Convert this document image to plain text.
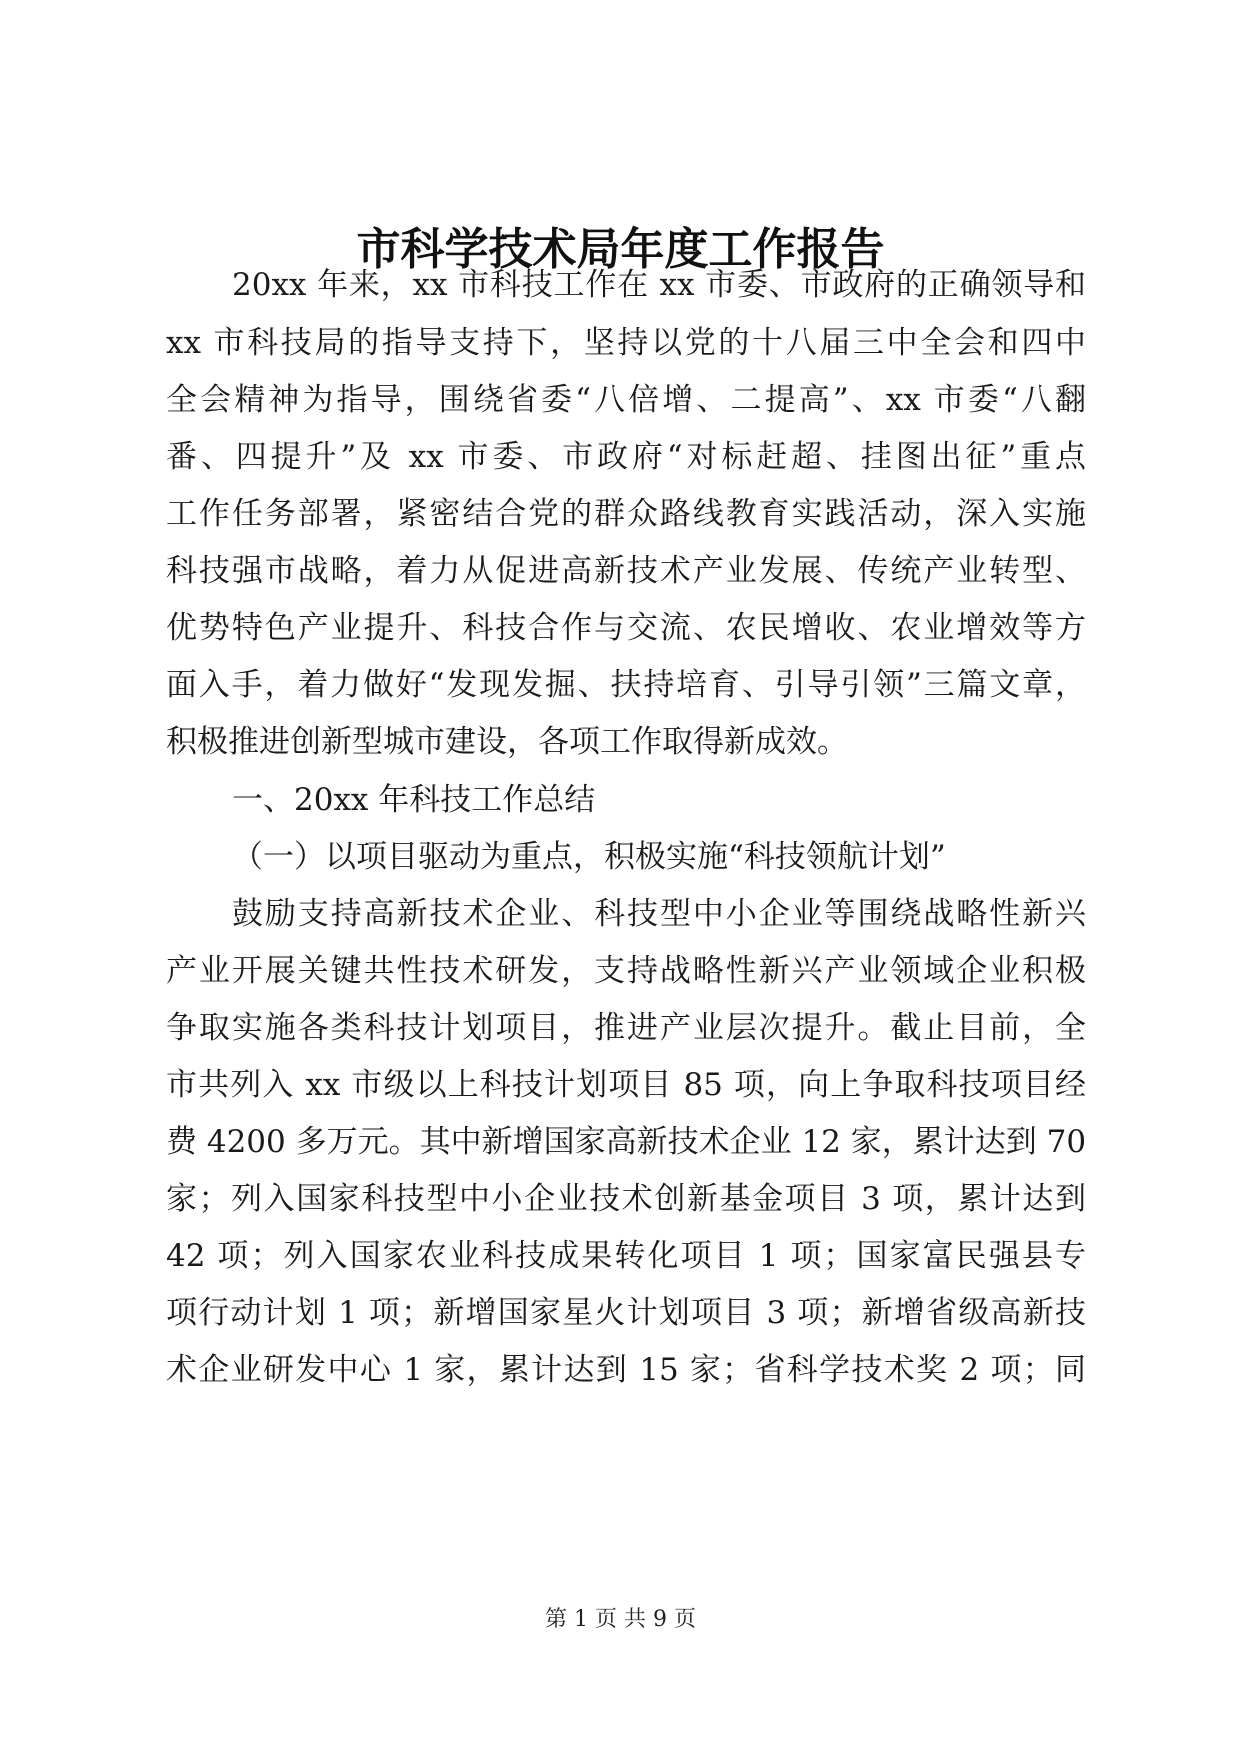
市科学技术局年度工作报告

20xx 年来，xx 市科技工作在 xx 市委、市政府的正确领导和

xx 市科技局的指导支持下，坚持以党的十八届三中全会和四中

全会精神为指导，围绕省委“八倍增、二提高”、xx 市委“八翻

番、四提升”及 xx 市委、市政府“对标赶超、挂图出征”重点

工作任务部署，紧密结合党的群众路线教育实践活动，深入实施

科技强市战略，着力从促进高新技术产业发展、传统产业转型、

优势特色产业提升、科技合作与交流、农民增收、农业增效等方

面入手，着力做好“发现发掘、扶持培育、引导引领”三篇文章，

积极推进创新型城市建设，各项工作取得新成效。

一、20xx 年科技工作总结

（一）以项目驱动为重点，积极实施“科技领航计划”

鼓励支持高新技术企业、科技型中小企业等围绕战略性新兴

产业开展关键共性技术研发，支持战略性新兴产业领域企业积极

争取实施各类科技计划项目，推进产业层次提升。截止目前，全

市共列入 xx 市级以上科技计划项目 85 项，向上争取科技项目经

费 4200 多万元。其中新增国家高新技术企业 12 家，累计达到 70

家；列入国家科技型中小企业技术创新基金项目 3 项，累计达到

42 项；列入国家农业科技成果转化项目 1 项；国家富民强县专

项行动计划 1 项；新增国家星火计划项目 3 项；新增省级高新技

术企业研发中心 1 家，累计达到 15 家；省科学技术奖 2 项；同

第 1 页 共 9 页
